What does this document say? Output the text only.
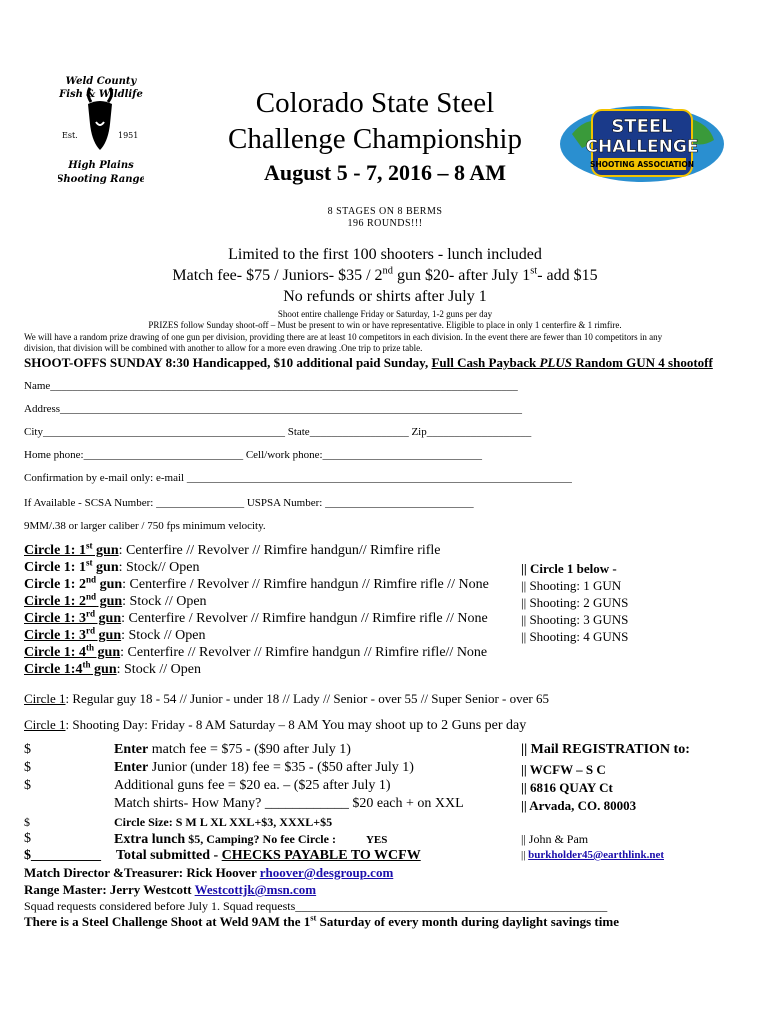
Weld County
Fish & Wildlife
Est.	1951
High Plains
Shooting Range
STEEL
CHALLENGE
SHOOTING ASSOCIATION
Colorado State Steel
Challenge Championship
August 5 - 7, 2016 – 8 AM
8 STAGES ON 8 BERMS
196 ROUNDS!!!
Limited to the first 100 shooters - lunch included
Match fee- $75 / Juniors- $35 / 2nd gun $20- after July 1st- add $15
No refunds or shirts after July 1
Shoot entire challenge Friday or Saturday, 1-2 guns per day
PRIZES follow Sunday shoot-off – Must be present to win or have representative. Eligible to place in only 1 centerfire & 1 rimfire.
We will have a random prize drawing of one gun per division, providing there are at least 10 competitors in each division. In the event there are fewer than 10 competitors in any
division, that division will be combined with another to allow for a more even drawing .One trip to prize table.
SHOOT-OFFS SUNDAY 8:30 Handicapped, $10 additional paid Sunday, Full Cash Payback PLUS Random GUN 4 shootoff
Name_____________________________________________________________________________________
Address____________________________________________________________________________________
City____________________________________________ State__________________ Zip___________________
Home phone:_____________________________ Cell/work phone:_____________________________
Confirmation by e-mail only: e-mail ______________________________________________________________________
If Available - SCSA Number: ________________ USPSA Number: ___________________________
9MM/.38 or larger caliber / 750 fps minimum velocity.
Circle 1: 1st gun: Centerfire // Revolver // Rimfire handgun// Rimfire rifle
Circle 1: 1st gun: Stock// Open
Circle 1: 2nd gun: Centerfire / Revolver // Rimfire handgun // Rimfire rifle // None
Circle 1: 2nd gun: Stock // Open
Circle 1: 3rd gun: Centerfire / Revolver // Rimfire handgun // Rimfire rifle // None
Circle 1: 3rd gun: Stock // Open
Circle 1: 4th gun: Centerfire // Revolver // Rimfire handgun // Rimfire rifle// None
Circle 1:4th gun: Stock // Open
|| Circle 1 below -
|| Shooting: 1 GUN
|| Shooting: 2 GUNS
|| Shooting: 3 GUNS
|| Shooting: 4 GUNS
Circle 1: Regular guy 18 - 54 // Junior - under 18 // Lady // Senior - over 55 // Super Senior - over 65
Circle 1: Shooting Day: Friday - 8 AM Saturday – 8 AM You may shoot up to 2 Guns per day
$	Enter match fee = $75 - ($90 after July 1)
$	Enter Junior (under 18) fee = $35 - ($50 after July 1)
$	Additional guns fee = $20 ea. – ($25 after July 1)
Match shirts- How Many? ____________ $20 each + on XXL
$	Circle Size: S M L XL XXL+$3, XXXL+$5
$	Extra lunch $5, Camping? No fee Circle :	YES
$__________ Total submitted - CHECKS PAYABLE TO WCFW
|| Mail REGISTRATION to:
|| WCFW – S C
|| 6816 QUAY Ct
|| Arvada, CO. 80003
|| John & Pam
|| burkholder45@earthlink.net
Match Director &Treasurer: Rick Hoover rhoover@desgroup.com
Range Master: Jerry Westcott Westcottjk@msn.com
Squad requests considered before July 1. Squad requests____________________________________________________
There is a Steel Challenge Shoot at Weld 9AM the 1st Saturday of every month during daylight savings time
